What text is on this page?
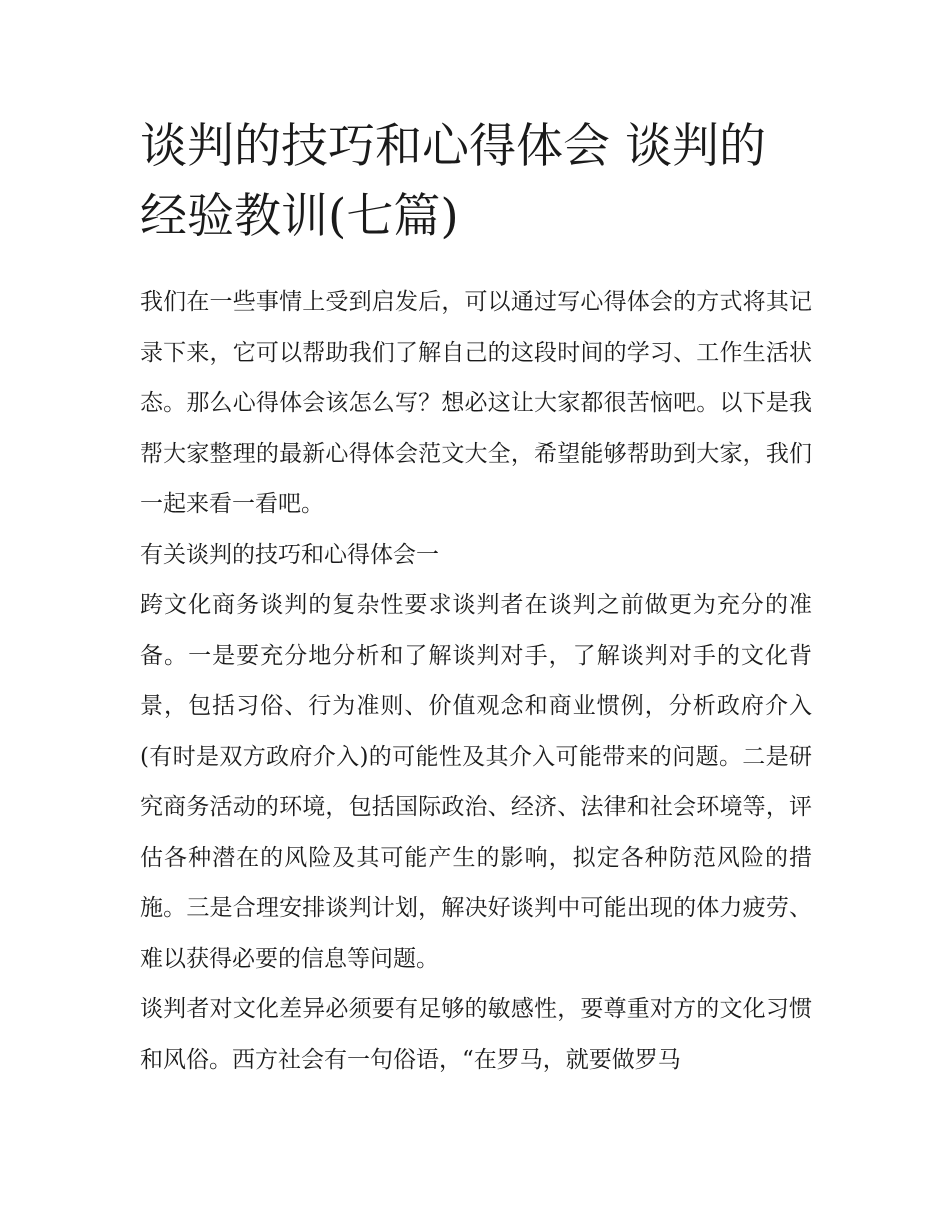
谈判的技巧和心得体会 谈判的经验教训(七篇)

我们在一些事情上受到启发后，可以通过写心得体会的方式将其记录下来，它可以帮助我们了解自己的这段时间的学习、工作生活状态。那么心得体会该怎么写？想必这让大家都很苦恼吧。以下是我帮大家整理的最新心得体会范文大全，希望能够帮助到大家，我们一起来看一看吧。

有关谈判的技巧和心得体会一

跨文化商务谈判的复杂性要求谈判者在谈判之前做更为充分的准备。一是要充分地分析和了解谈判对手，了解谈判对手的文化背景，包括习俗、行为准则、价值观念和商业惯例，分析政府介入(有时是双方政府介入)的可能性及其介入可能带来的问题。二是研究商务活动的环境，包括国际政治、经济、法律和社会环境等，评估各种潜在的风险及其可能产生的影响，拟定各种防范风险的措施。三是合理安排谈判计划，解决好谈判中可能出现的体力疲劳、难以获得必要的信息等问题。

谈判者对文化差异必须要有足够的敏感性，要尊重对方的文化习惯和风俗。西方社会有一句俗语，“在罗马，就要做罗马
